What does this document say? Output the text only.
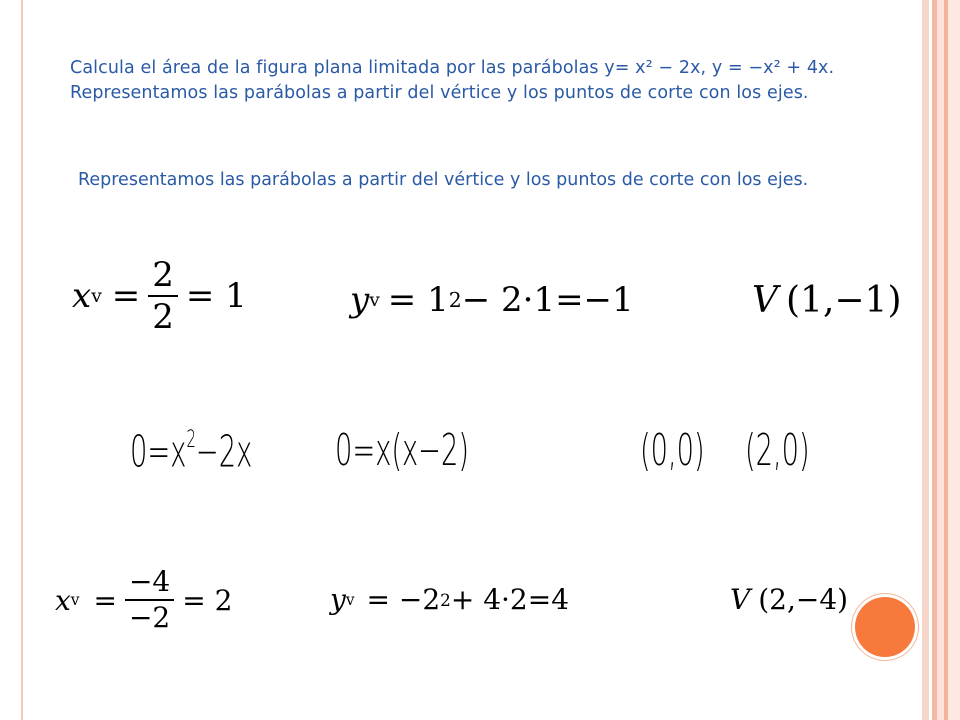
Calcula el área de la figura plana limitada por las parábolas y= x² − 2x, y = −x² + 4x.
Representamos las parábolas a partir del vértice y los puntos de corte con los ejes.
Representamos las parábolas a partir del vértice y los puntos de corte con los ejes.
x $v = \frac{2}{2} = 1$	y v = 1 2 − 2·1=−1	V (1,−1)
$0=x^2-2x$ 0=x(x−2)	(0,0) (2,0)
x $v = \frac{-4}{-2} = 2$	y v = −2 2 + 4·2=4	V (2,−4)
